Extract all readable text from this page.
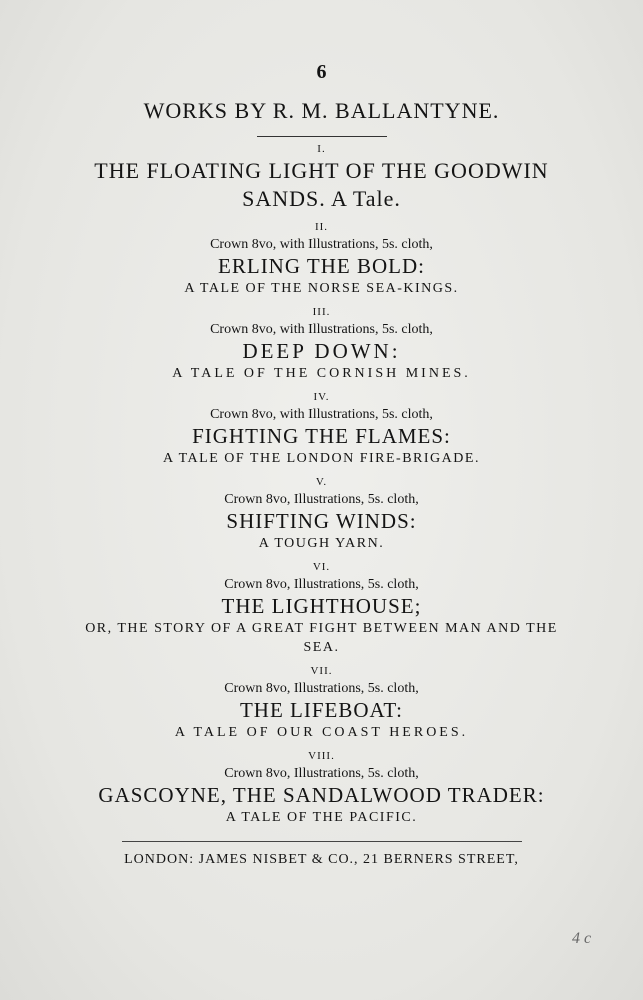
6
WORKS BY R. M. BALLANTYNE.
I.
THE FLOATING LIGHT OF THE GOODWIN SANDS. A Tale.
II.
Crown 8vo, with Illustrations, 5s. cloth,
ERLING THE BOLD:
A TALE OF THE NORSE SEA-KINGS.
III.
Crown 8vo, with Illustrations, 5s. cloth,
DEEP DOWN:
A TALE OF THE CORNISH MINES.
IV.
Crown 8vo, with Illustrations, 5s. cloth,
FIGHTING THE FLAMES:
A TALE OF THE LONDON FIRE-BRIGADE.
V.
Crown 8vo, Illustrations, 5s. cloth,
SHIFTING WINDS:
A TOUGH YARN.
VI.
Crown 8vo, Illustrations, 5s. cloth,
THE LIGHTHOUSE;
OR, THE STORY OF A GREAT FIGHT BETWEEN MAN AND THE SEA.
VII.
Crown 8vo, Illustrations, 5s. cloth,
THE LIFEBOAT:
A TALE OF OUR COAST HEROES.
VIII.
Crown 8vo, Illustrations, 5s. cloth,
GASCOYNE, THE SANDALWOOD TRADER:
A TALE OF THE PACIFIC.
LONDON: JAMES NISBET & CO., 21 BERNERS STREET,
4 c
